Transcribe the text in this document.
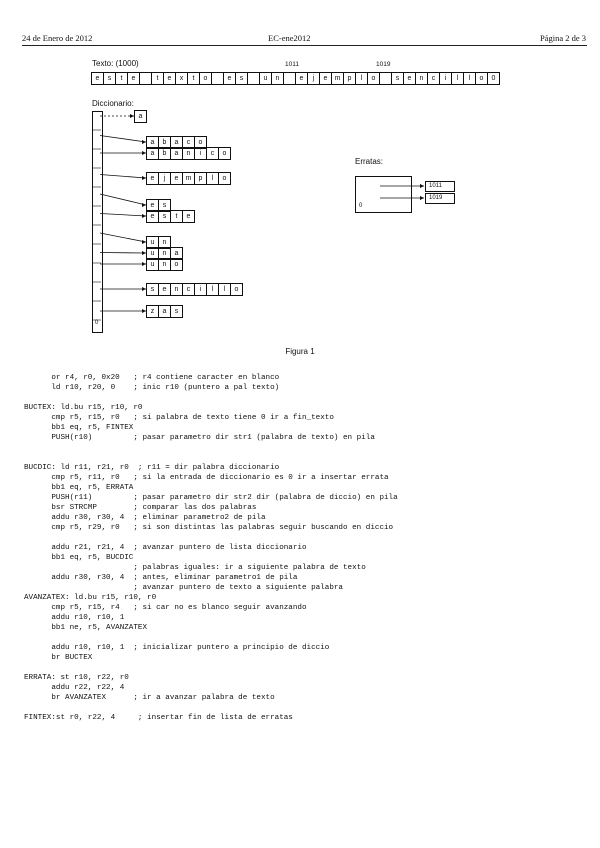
24 de Enero de 2012	EC-ene2012	Página 2 de 3
Texto: (1000)	1011	1019
e	s	t	e	t	e	x	t	o	e	s	u	n	e	j	e	m	p	l	o	s	e	n	c	i	l	l	o	0
Diccionario:
0
a
a	b	a	c	o
a	b	a	n	i	c	o
e	j	e	m	p	l	o
e	s
e	s	t	e
u	n
u	n	a
u	n	o
s	e	n	c	i	l	l	o
z	a	s
Erratas:
0
1011
1019
Figura 1
or r4, r0, 0x20   ; r4 contiene caracter en blanco
ld r10, r20, 0    ; inic r10 (puntero a pal texto)

BUCTEX: ld.bu r15, r10, r0
cmp r5, r15, r0   ; si palabra de texto tiene 0 ir a fin_texto
bb1 eq, r5, FINTEX
PUSH(r10)         ; pasar parametro dir str1 (palabra de texto) en pila

BUCDIC: ld r11, r21, r0  ; r11 = dir palabra diccionario
cmp r5, r11, r0   ; si la entrada de diccionario es 0 ir a insertar errata
bb1 eq, r5, ERRATA
PUSH(r11)         ; pasar parametro dir str2 dir (palabra de diccio) en pila
bsr STRCMP        ; comparar las dos palabras
addu r30, r30, 4  ; eliminar parametro2 de pila
cmp r5, r29, r0   ; si son distintas las palabras seguir buscando en diccio

addu r21, r21, 4  ; avanzar puntero de lista diccionario
bb1 eq, r5, BUCDIC
; palabras iguales: ir a siguiente palabra de texto
addu r30, r30, 4  ; antes, eliminar parametro1 de pila
; avanzar puntero de texto a siguiente palabra
AVANZATEX: ld.bu r15, r10, r0
cmp r5, r15, r4   ; si car no es blanco seguir avanzando
addu r10, r10, 1
bb1 ne, r5, AVANZATEX

addu r10, r10, 1  ; inicializar puntero a principio de diccio
br BUCTEX

ERRATA: st r10, r22, r0
addu r22, r22, 4
br AVANZATEX      ; ir a avanzar palabra de texto

FINTEX:st r0, r22, 4     ; insertar fin de lista de erratas
